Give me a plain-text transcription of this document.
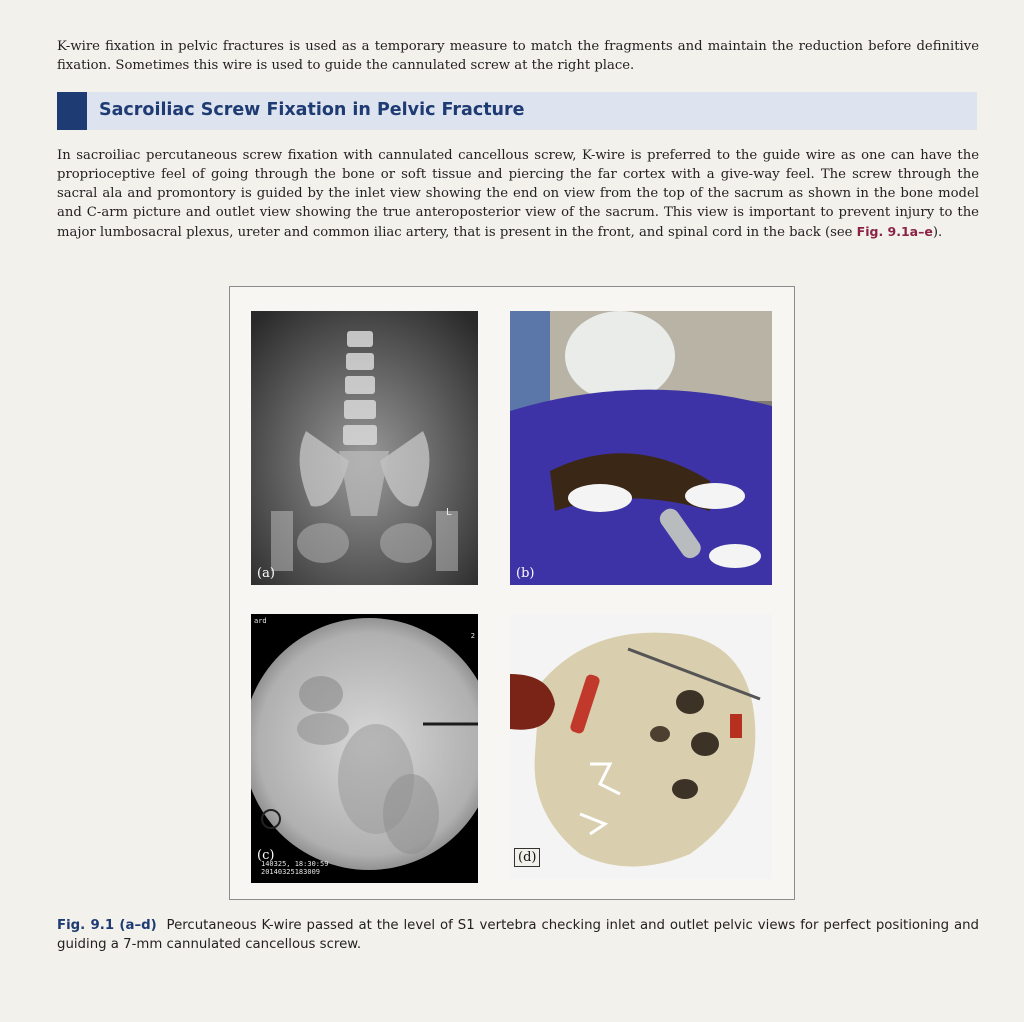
K-wire fixation in pelvic fractures is used as a temporary measure to match the fragments and maintain the reduction before definitive fixation. Sometimes this wire is used to guide the cannulated screw at the right place.

Sacroiliac Screw Fixation in Pelvic Fracture

In sacroiliac percutaneous screw fixation with cannulated cancellous screw, K-wire is preferred to the guide wire as one can have the proprioceptive feel of going through the bone or soft tissue and piercing the far cortex with a give-way feel. The screw through the sacral ala and promontory is guided by the inlet view showing the end on view from the top of the sacrum as shown in the bone model and C-arm picture and outlet view showing the true anteroposterior view of the sacrum. This view is important to prevent injury to the major lumbosacral plexus, ureter and common iliac artery, that is present in the front, and spinal cord in the back (see Fig. 9.1a–e).

L
(a)	(b)
ard
2
140325, 18:30:59
20140325183009
(c)	(d)
Fig. 9.1 (a–d) Percutaneous K-wire passed at the level of S1 vertebra checking inlet and outlet pelvic views for perfect positioning and guiding a 7-mm cannulated cancellous screw.
